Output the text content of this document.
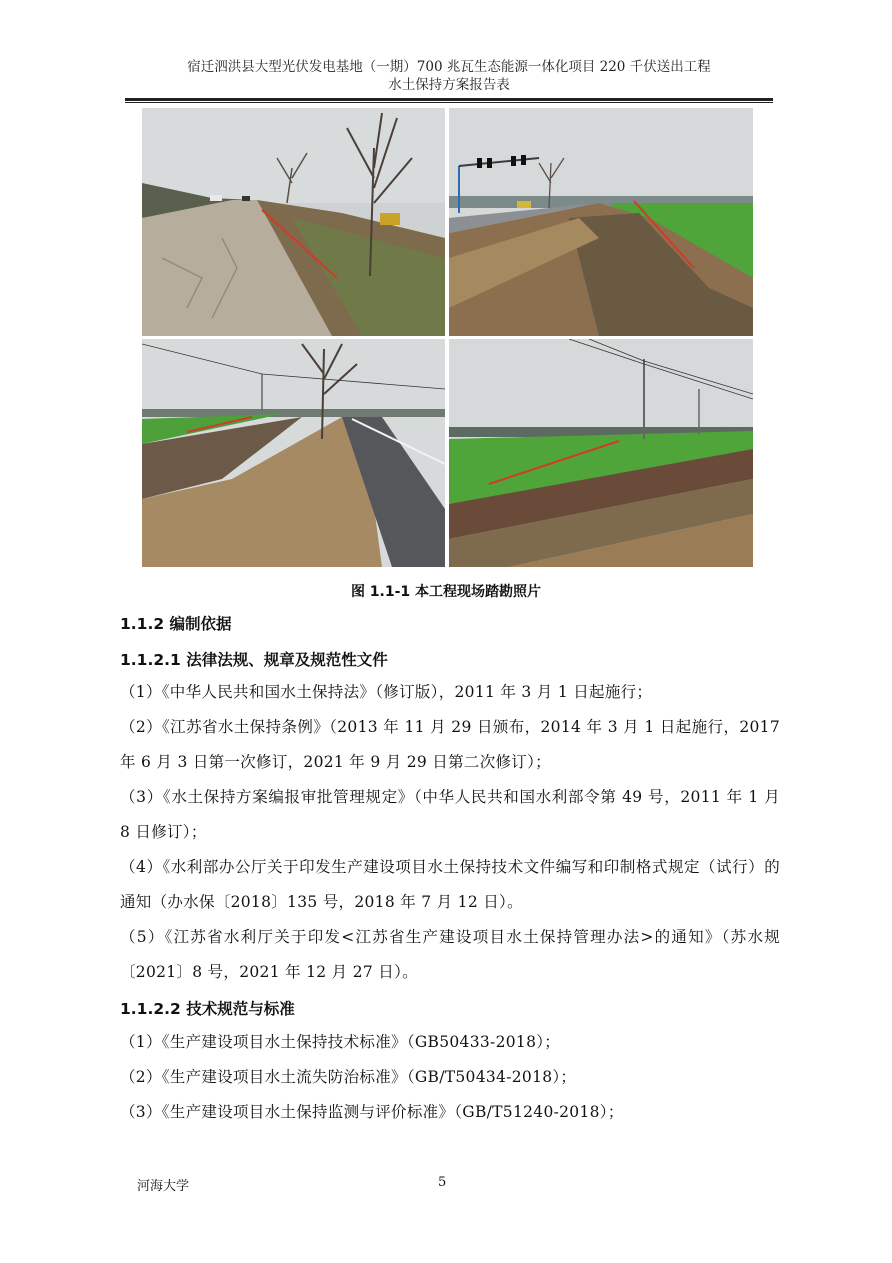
宿迁泗洪县大型光伏发电基地（一期）700 兆瓦生态能源一体化项目 220 千伏送出工程
水土保持方案报告表
图 1.1-1 本工程现场踏勘照片
1.1.2 编制依据
1.1.2.1 法律法规、规章及规范性文件
（1）《中华人民共和国水土保持法》（修订版），2011 年 3 月 1 日起施行；
（2）《江苏省水土保持条例》（2013 年 11 月 29 日颁布，2014 年 3 月 1 日起施行，2017 年 6 月 3 日第一次修订，2021 年 9 月 29 日第二次修订）；
（3）《水土保持方案编报审批管理规定》（中华人民共和国水利部令第 49 号，2011 年 1 月 8 日修订）；
（4）《水利部办公厅关于印发生产建设项目水土保持技术文件编写和印制格式规定（试行）的通知（办水保〔2018〕135 号，2018 年 7 月 12 日）。
（5）《江苏省水利厅关于印发<江苏省生产建设项目水土保持管理办法>的通知》（苏水规〔2021〕8 号，2021 年 12 月 27 日）。
1.1.2.2 技术规范与标准
（1）《生产建设项目水土保持技术标准》（GB50433-2018）；
（2）《生产建设项目水土流失防治标准》（GB/T50434-2018）；
（3）《生产建设项目水土保持监测与评价标准》（GB/T51240-2018）；
河海大学	5
